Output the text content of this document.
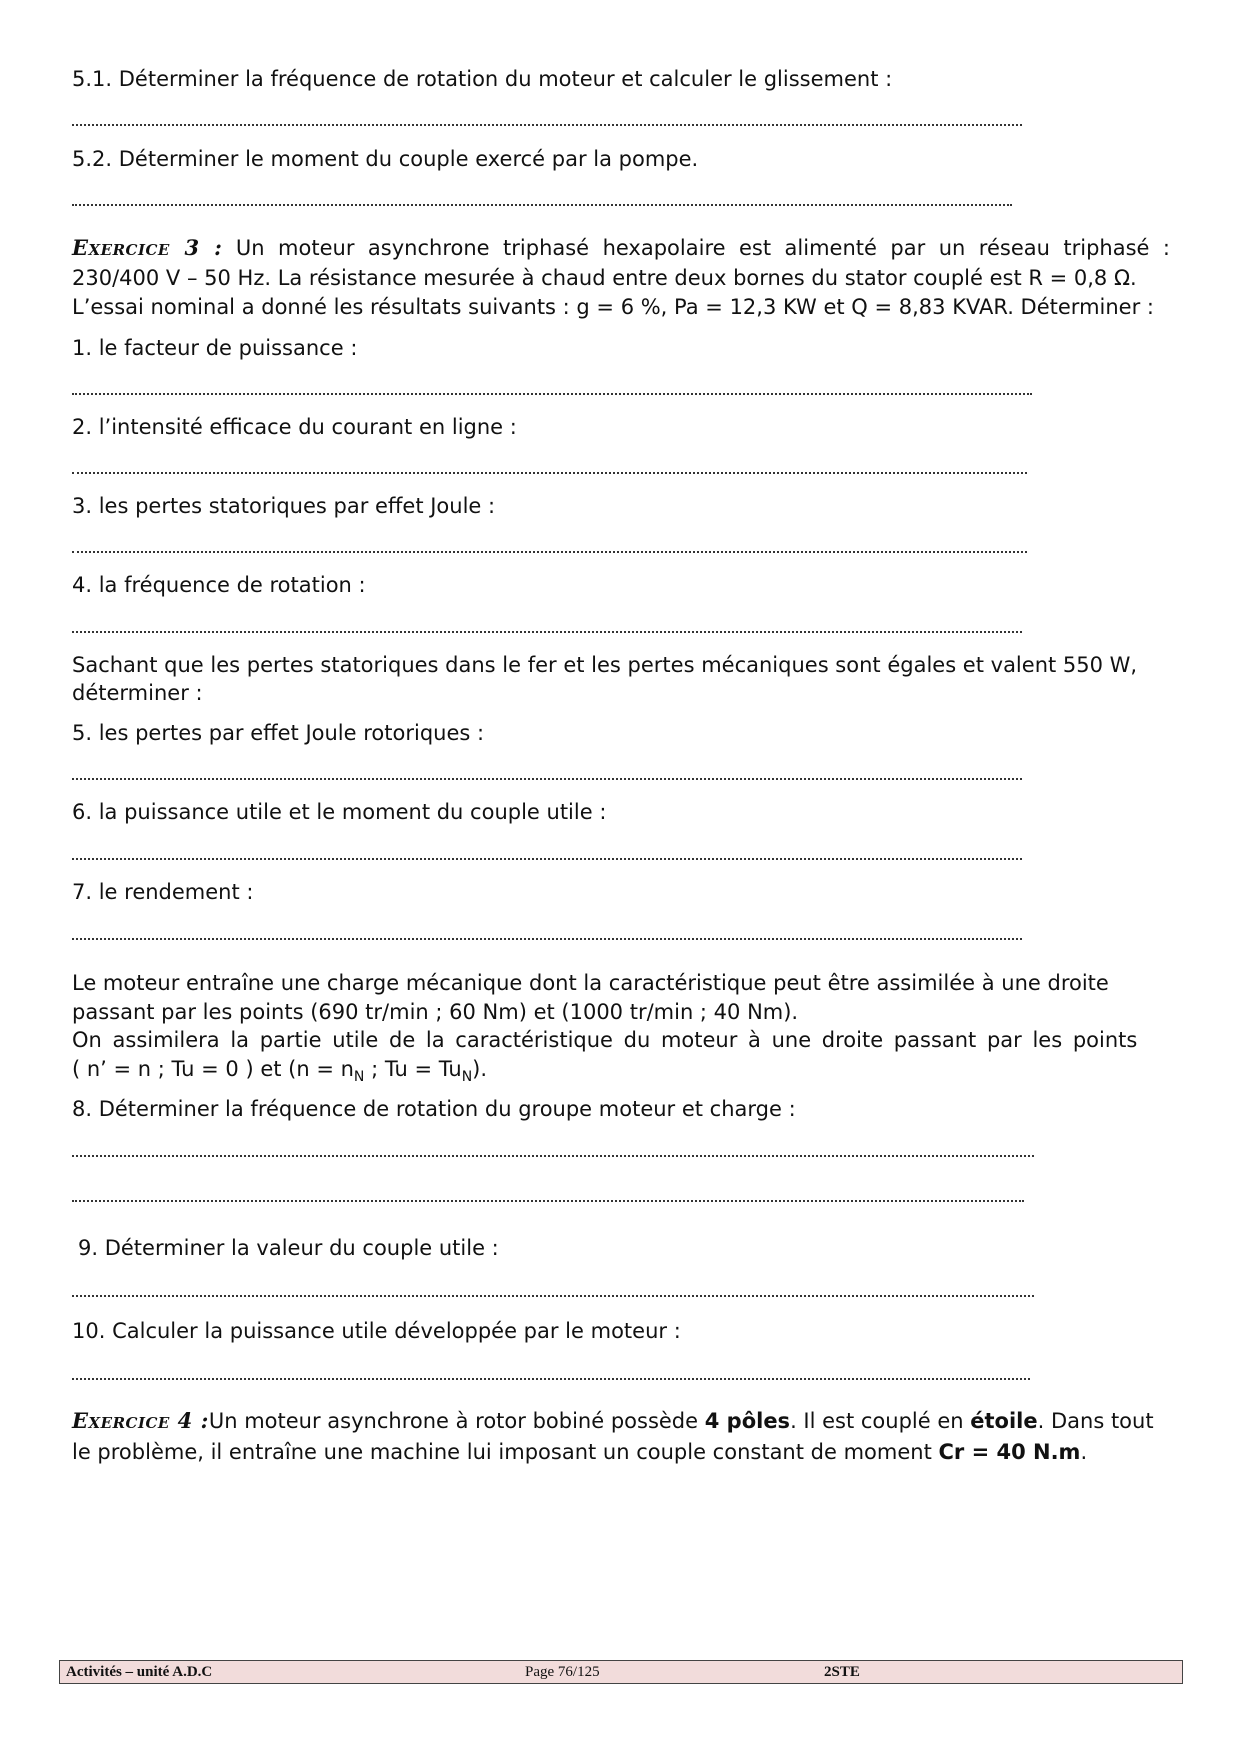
5.1. Déterminer la fréquence de rotation du moteur et calculer le glissement :
5.2. Déterminer le moment du couple exercé par la pompe.
Exercice 3 : Un moteur asynchrone triphasé hexapolaire est alimenté par un réseau triphasé :
230/400 V – 50 Hz. La résistance mesurée à chaud entre deux bornes du stator couplé est R = 0,8 Ω.
L’essai nominal a donné les résultats suivants : g = 6 %, Pa = 12,3 KW et Q = 8,83 KVAR. Déterminer :
1. le facteur de puissance :
2. l’intensité efficace du courant en ligne :
3. les pertes statoriques par effet Joule :
4. la fréquence de rotation :
Sachant que les pertes statoriques dans le fer et les pertes mécaniques sont égales et valent 550 W,
déterminer :
5. les pertes par effet Joule rotoriques :
6. la puissance utile et le moment du couple utile :
7. le rendement :
Le moteur entraîne une charge mécanique dont la caractéristique peut être assimilée à une droite
passant par les points (690 tr/min ; 60 Nm) et (1000 tr/min ; 40 Nm).
On assimilera la partie utile de la caractéristique du moteur à une droite passant par les points
( n’ = n ; Tu = 0 ) et ($n = n_N$ ; $Tu = Tu_N$).
8. Déterminer la fréquence de rotation du groupe moteur et charge :
9. Déterminer la valeur du couple utile :
10. Calculer la puissance utile développée par le moteur :
Exercice 4 :Un moteur asynchrone à rotor bobiné possède 4 pôles. Il est couplé en étoile. Dans tout
le problème, il entraîne une machine lui imposant un couple constant de moment Cr = 40 N.m.
Activités – unité A.D.C	Page 76/125	2STE
